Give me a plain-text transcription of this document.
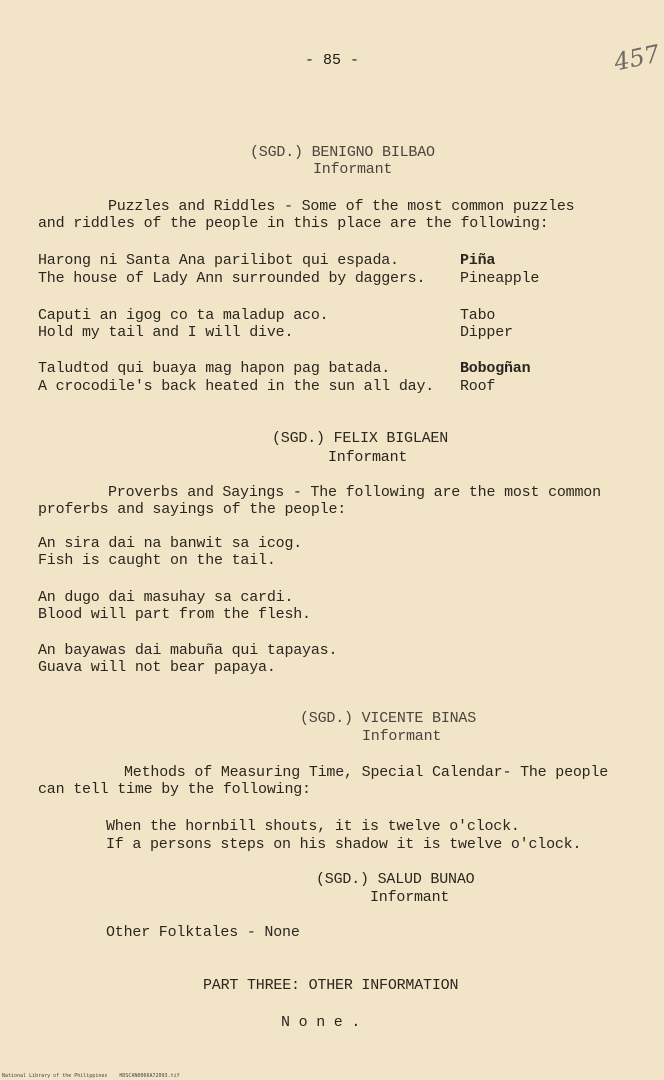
- 85 -	457
(SGD.) BENIGNO BILBAO
Informant
Puzzles and Riddles - Some of the most common puzzles
and riddles of the people in this place are the following:
Harong ni Santa Ana parilibot qui espada.
The house of Lady Ann surrounded by daggers.
Piña
Pineapple
Caputi an igog co ta maladup aco.
Hold my tail and I will dive.
Tabo
Dipper
Taludtod qui buaya mag hapon pag batada.
A crocodile's back heated in the sun all day.
Bobogñan
Roof
(SGD.) FELIX BIGLAEN
Informant
Proverbs and Sayings - The following are the most common
proferbs and sayings of the people:
An sira dai na banwit sa icog.
Fish is caught on the tail.
An dugo dai masuhay sa cardi.
Blood will part from the flesh.
An bayawas dai mabuña qui tapayas.
Guava will not bear papaya.
(SGD.) VICENTE BINAS
Informant
Methods of Measuring Time, Special Calendar- The people
can tell time by the following:
When the hornbill shouts, it is twelve o'clock.
If a persons steps on his shadow it is twelve o'clock.
(SGD.) SALUD BUNAO
Informant
Other Folktales - None
PART THREE: OTHER INFORMATION
N o n e .
National Library of the Philippines    HDSCAN0066A72093.tif
